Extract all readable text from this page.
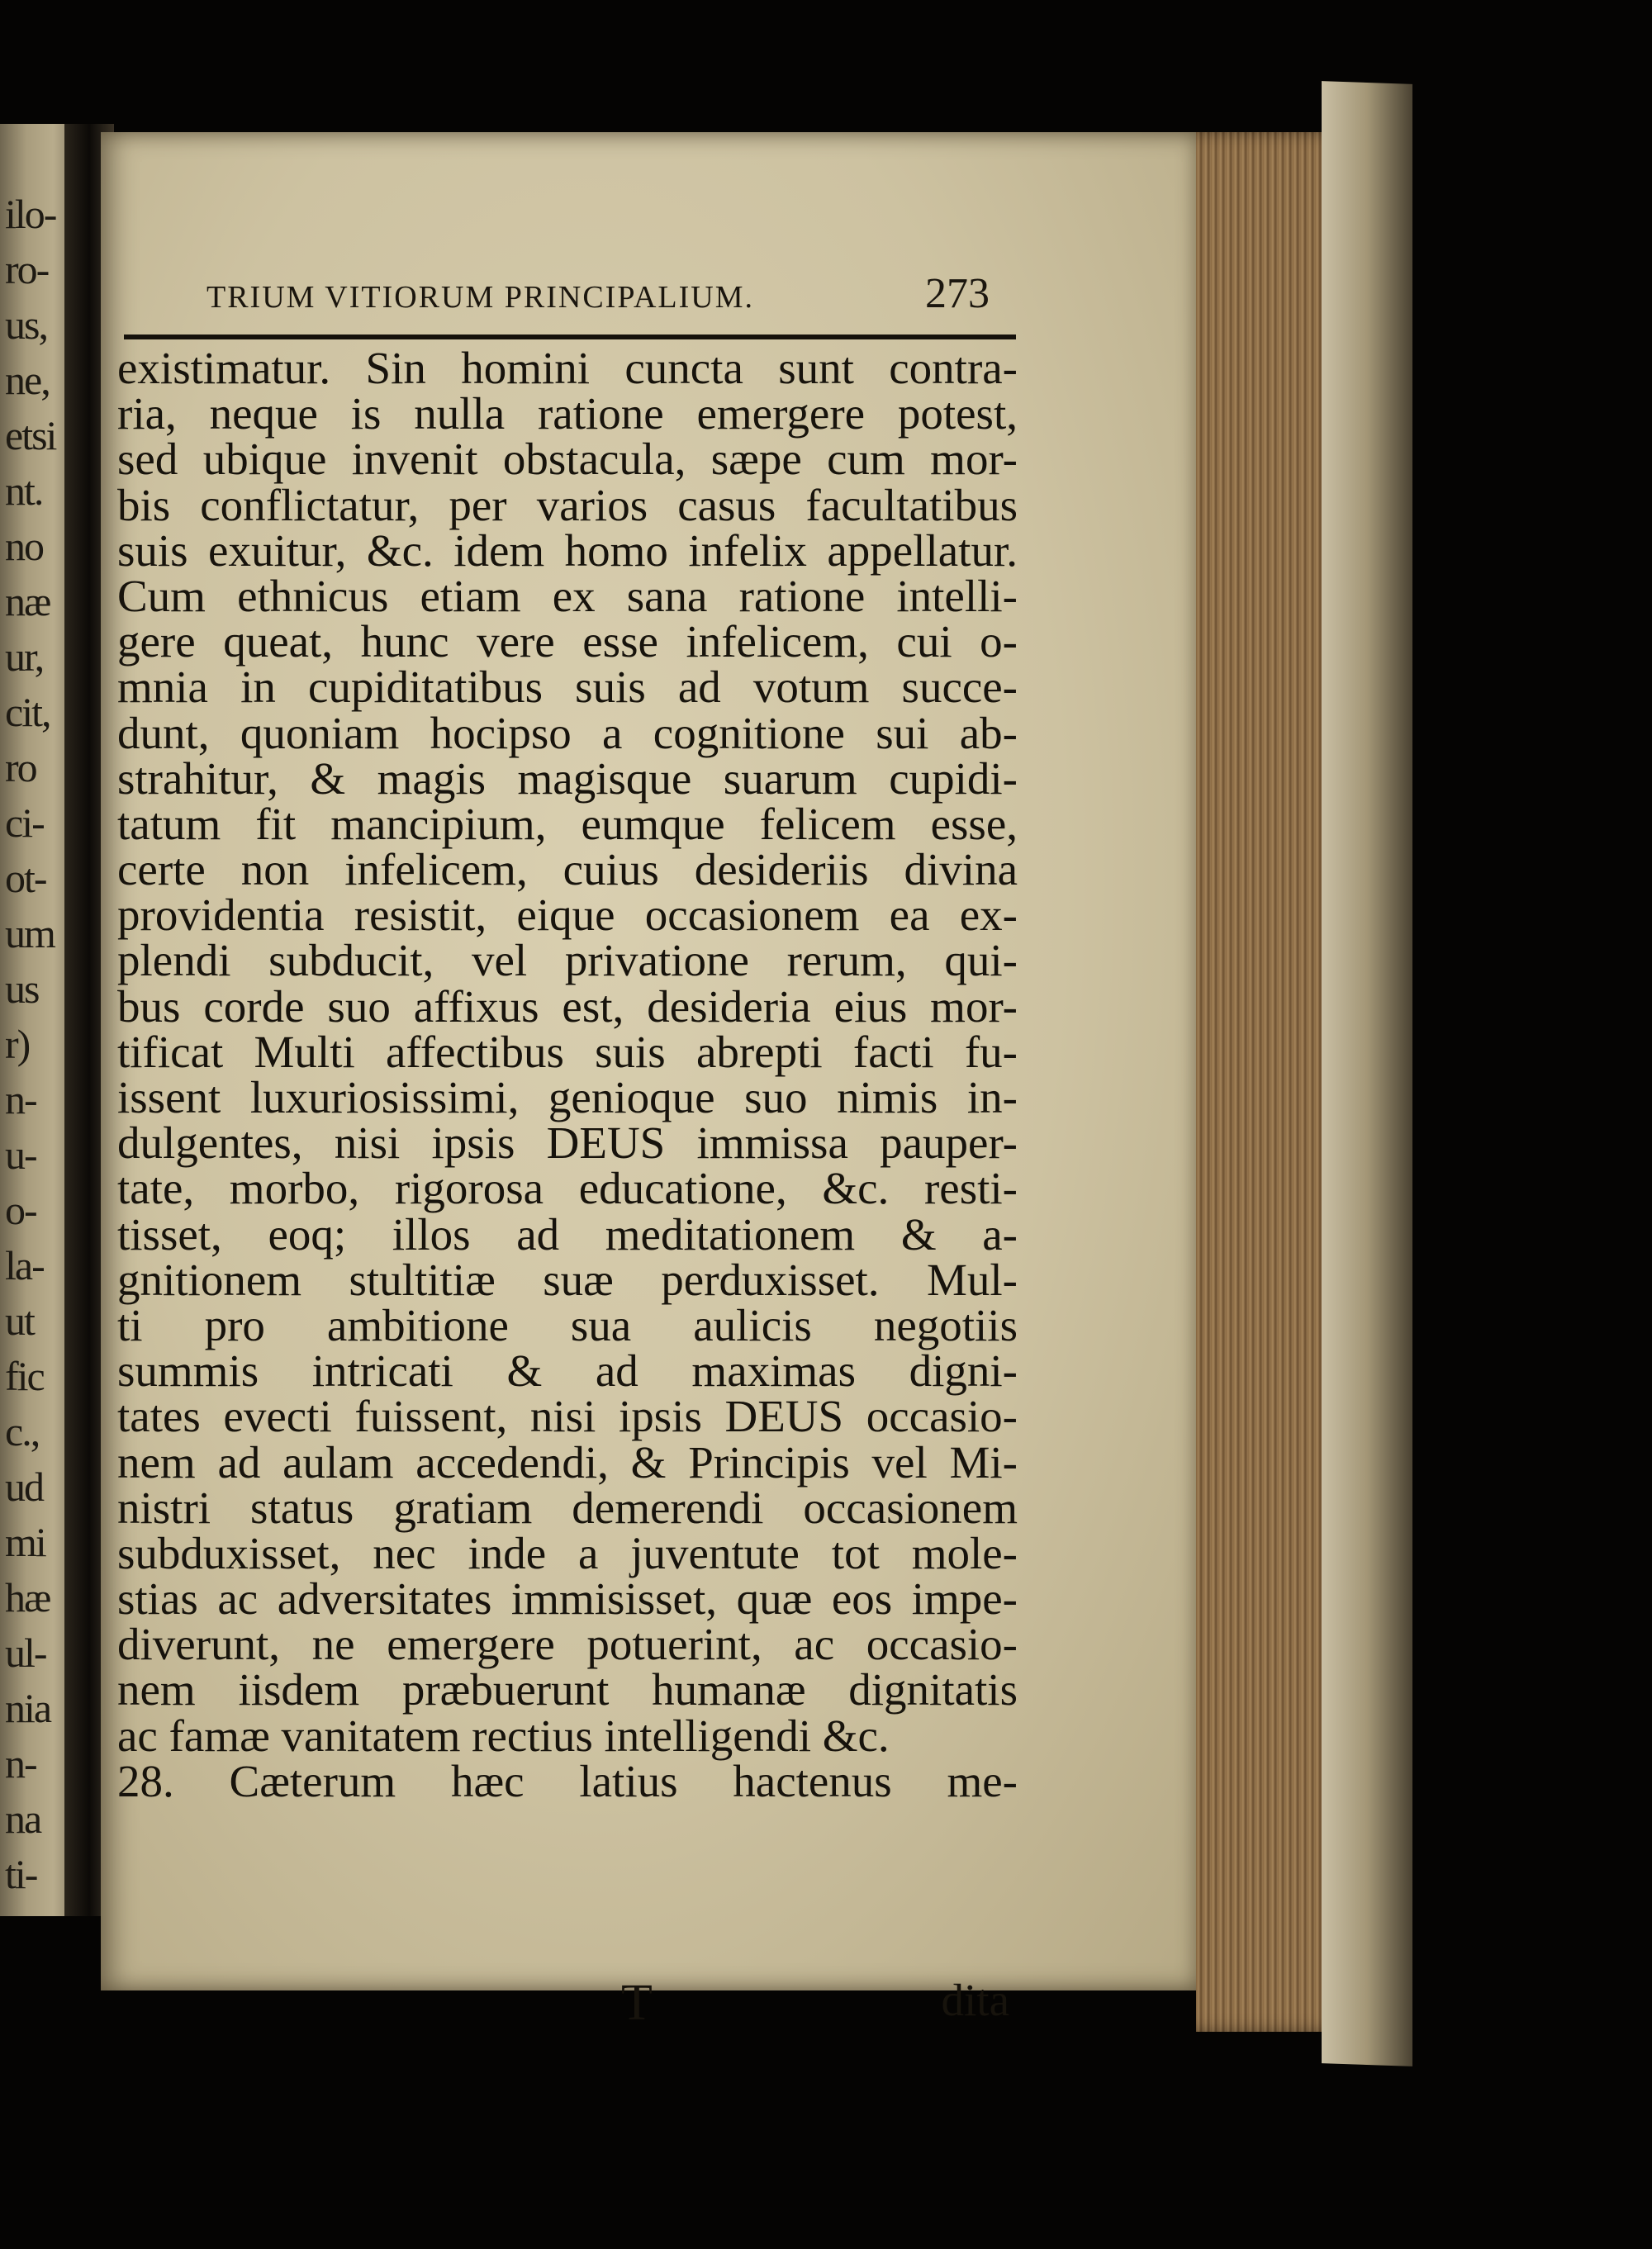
ilo-
ro-
us,
ne,
etsi
nt.
no
næ
ur,
cit,
ro
ci-
ot-
um
us
r)
n-
u-
o-
la-
ut
fic
c.,
ud
mi
hæ
ul-
nia
n-
na
ti-
TRIUM VITIORUM PRINCIPALIUM.	273
existimatur. Sin homini cuncta sunt contra-
ria, neque is nulla ratione emergere potest,
sed ubique invenit obstacula, sæpe cum mor-
bis conflictatur, per varios casus facultatibus
suis exuitur, &c. idem homo infelix appellatur.
Cum ethnicus etiam ex sana ratione intelli-
gere queat, hunc vere esse infelicem, cui o-
mnia in cupiditatibus suis ad votum succe-
dunt, quoniam hocipso a cognitione sui ab-
strahitur, & magis magisque suarum cupidi-
tatum fit mancipium, eumque felicem esse,
certe non infelicem, cuius desideriis divina
providentia resistit, eique occasionem ea ex-
plendi subducit, vel privatione rerum, qui-
bus corde suo affixus est, desideria eius mor-
tificat Multi affectibus suis abrepti facti fu-
issent luxuriosissimi, genioque suo nimis in-
dulgentes, nisi ipsis DEUS immissa pauper-
tate, morbo, rigorosa educatione, &c. resti-
tisset, eoq; illos ad meditationem & a-
gnitionem stultitiæ suæ perduxisset. Mul-
ti pro ambitione sua aulicis negotiis
summis intricati & ad maximas digni-
tates evecti fuissent, nisi ipsis DEUS occasio-
nem ad aulam accedendi, & Principis vel Mi-
nistri status gratiam demerendi occasionem
subduxisset, nec inde a juventute tot mole-
stias ac adversitates immisisset, quæ eos impe-
diverunt, ne emergere potuerint, ac occasio-
nem iisdem præbuerunt humanæ dignitatis
ac famæ vanitatem rectius intelligendi &c.
28. Cæterum hæc latius hactenus me-
T	dita
